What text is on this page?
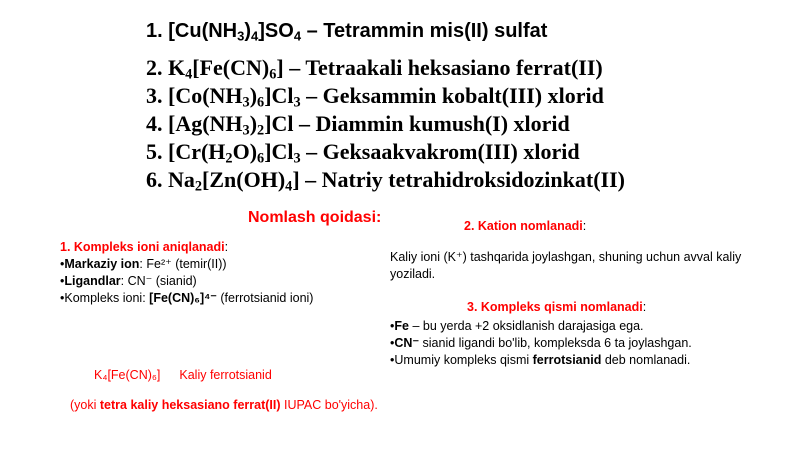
1. $[Cu(NH_3)_4]SO_4$ – Tetrammin mis(II) sulfat
2. $K_4[Fe(CN)_6]$ – Tetraakali heksasiano ferrat(II)
3. $[Co(NH_3)_6]Cl_3$ – Geksammin kobalt(III) xlorid
4. $[Ag(NH_3)_2]Cl$ – Diammin kumush(I) xlorid
5. $[Cr(H_2O)_6]Cl_3$ – Geksaakvakrom(III) xlorid
6. $Na_2[Zn(OH)_4]$ – Natriy tetrahidroksidozinkat(II)
Nomlash qoidasi:
1. Kompleks ioni aniqlanadi:
•Markaziy ion: Fe²⁺ (temir(II))
•Ligandlar: CN⁻ (sianid)
•Kompleks ioni: [Fe(CN)₆]⁴⁻ (ferrotsianid ioni)
2. Kation nomlanadi:
Kaliy ioni (K⁺) tashqarida joylashgan, shuning uchun avval kaliy
yoziladi.
3. Kompleks qismi nomlanadi:
•Fe – bu yerda +2 oksidlanish darajasiga ega.
•CN⁻ sianid ligandi bo'lib, kompleksda 6 ta joylashgan.
•Umumiy kompleks qismi ferrotsianid deb nomlanadi.
K₄[Fe(CN)₆] Kaliy ferrotsianid
(yoki tetra kaliy heksasiano ferrat(II) IUPAC bo'yicha).
